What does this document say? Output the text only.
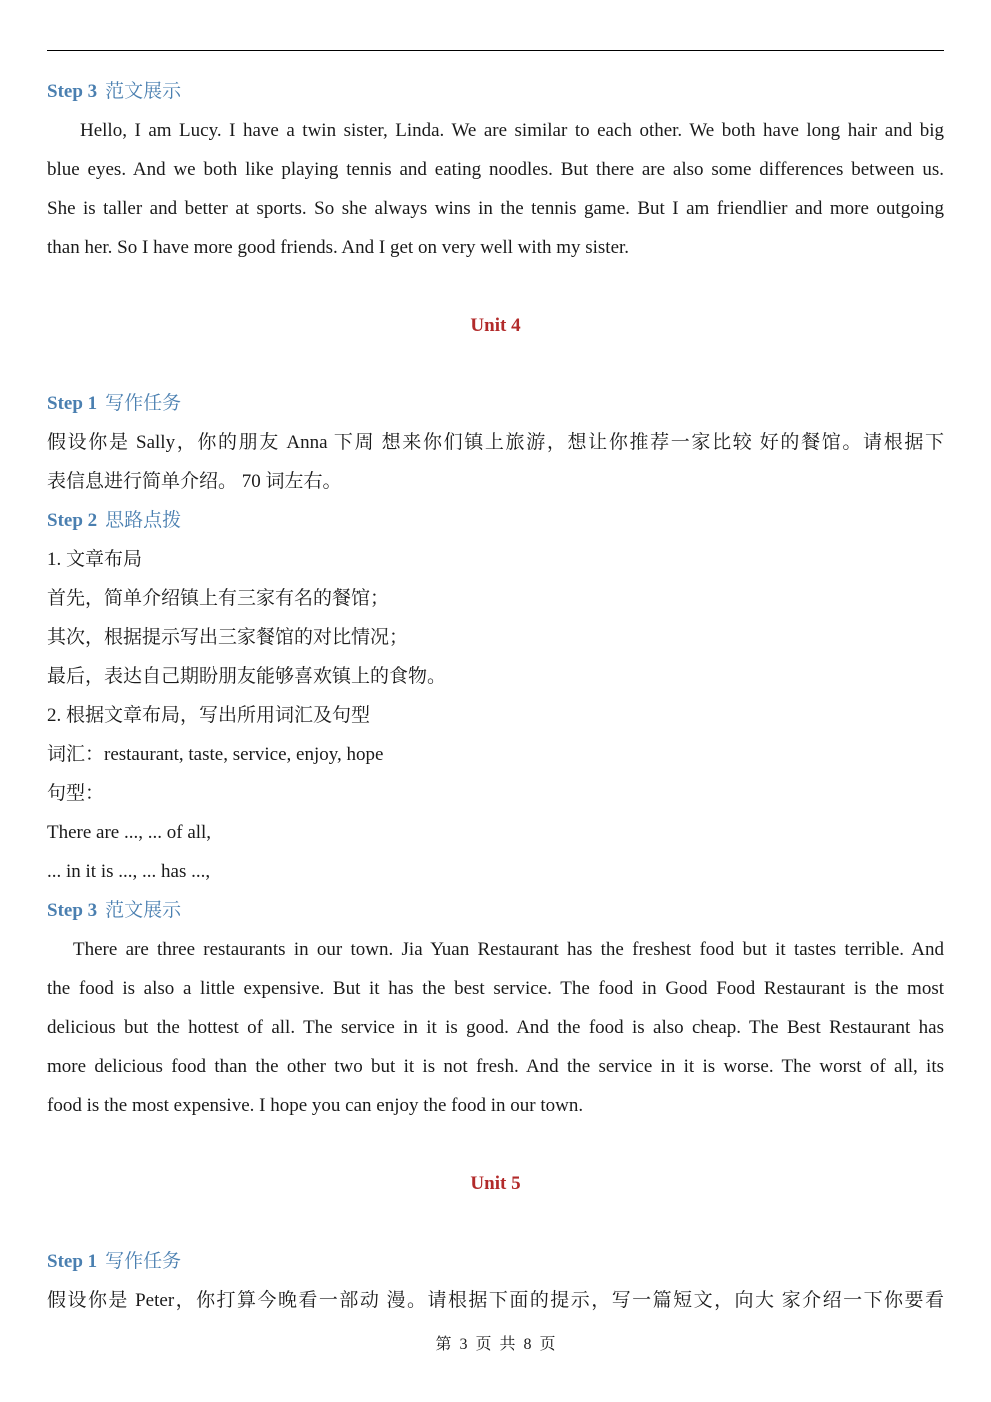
Step 3 范文展示
Hello, I am Lucy. I have a twin sister, Linda. We are similar to each other. We both have long hair and big
blue eyes. And we both like playing tennis and eating noodles. But there are also some differences between us.
She is taller and better at sports. So she always wins in the tennis game. But I am friendlier and more outgoing
than her. So I have more good friends. And I get on very well with my sister.
Unit 4
Step 1 写作任务
假设你是 Sally，你的朋友 Anna 下周 想来你们镇上旅游，想让你推荐一家比较 好的餐馆。请根据下
表信息进行简单介绍。 70 词左右。
Step 2 思路点拨
1. 文章布局
首先，简单介绍镇上有三家有名的餐馆；
其次，根据提示写出三家餐馆的对比情况；
最后，表达自己期盼朋友能够喜欢镇上的食物。
2. 根据文章布局，写出所用词汇及句型
词汇：restaurant, taste, service, enjoy, hope
句型：
There are ..., ... of all,
... in it is ..., ... has ...,
Step 3 范文展示
There are three restaurants in our town. Jia Yuan Restaurant has the freshest food but it tastes terrible. And
the food is also a little expensive. But it has the best service. The food in Good Food Restaurant is the most
delicious but the hottest of all. The service in it is good. And the food is also cheap. The Best Restaurant has
more delicious food than the other two but it is not fresh. And the service in it is worse. The worst of all, its
food is the most expensive. I hope you can enjoy the food in our town.
Unit 5
Step 1 写作任务
假设你是 Peter，你打算今晚看一部动 漫。请根据下面的提示，写一篇短文，向大 家介绍一下你要看
第 3 页 共 8 页
